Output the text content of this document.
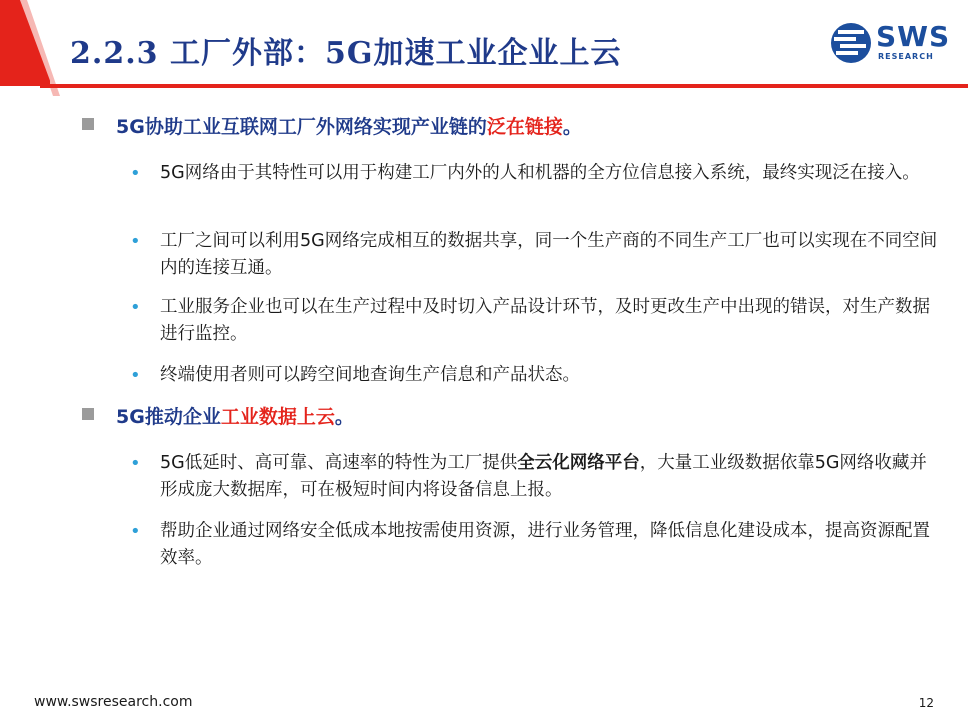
2.2.3 工厂外部：5G加速工业企业上云	SWS
RESEARCH
5G协助工业互联网工厂外网络实现产业链的泛在链接。
• 5G网络由于其特性可以用于构建工厂内外的人和机器的全方位信息接入系统，最终实现泛在接入。
• 工厂之间可以利用5G网络完成相互的数据共享，同一个生产商的不同生产工厂也可以实现在不同空间内的连接互通。
• 工业服务企业也可以在生产过程中及时切入产品设计环节，及时更改生产中出现的错误，对生产数据进行监控。
• 终端使用者则可以跨空间地查询生产信息和产品状态。
5G推动企业工业数据上云。
• 5G低延时、高可靠、高速率的特性为工厂提供全云化网络平台，大量工业级数据依靠5G网络收藏并形成庞大数据库，可在极短时间内将设备信息上报。
• 帮助企业通过网络安全低成本地按需使用资源，进行业务管理，降低信息化建设成本，提高资源配置效率。
www.swsresearch.com	12
